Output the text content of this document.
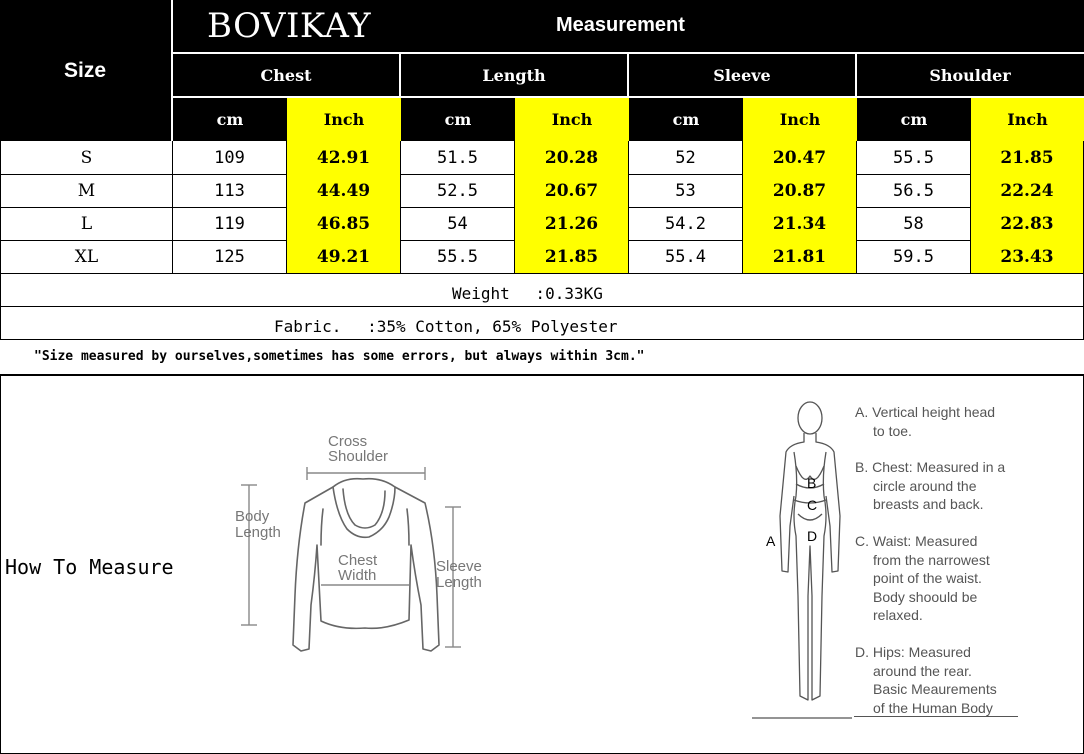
Size
BOVIKAY	Measurement
Chest	Length	Sleeve	Shoulder
cm	Inch	cm	Inch	cm	Inch	cm	Inch
S	109	42.91	51.5	20.28	52	20.47	55.5	21.85
M	113	44.49	52.5	20.67	53	20.87	56.5	22.24
L	119	46.85	54	21.26	54.2	21.34	58	22.83
XL	125	49.21	55.5	21.85	55.4	21.81	59.5	23.43
Weight　 :0.33KG
Fabric.　 :35% Cotton, 65% Polyester
"Size measured by ourselves,sometimes has some errors, but always within 3cm."
How To Measure
Cross
Shoulder
Body
Length
Chest
Width
Sleeve
Length
A
B
C
D
A. Vertical height head
to toe.
B. Chest: Measured in a
circle around the
breasts and back.
C. Waist: Measured
from the narrowest
point of the waist.
Body shoould be
relaxed.
D. Hips: Measured
around the rear.
Basic Meaurements
of the Human Body
